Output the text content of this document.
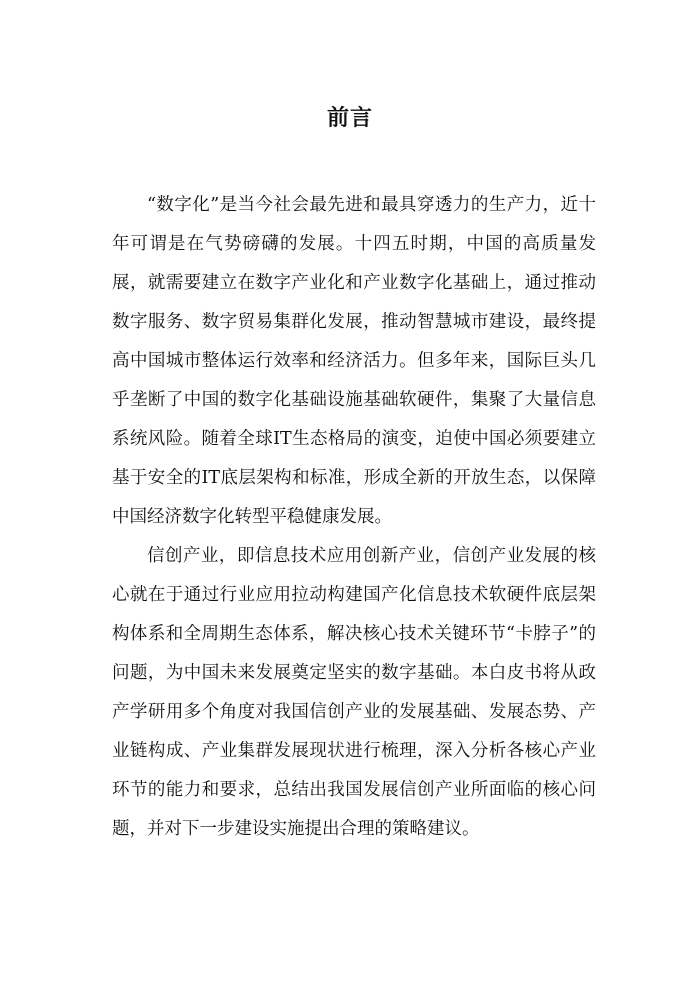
前言

“数字化”是当今社会最先进和最具穿透力的生产力，近十年可谓是在气势磅礴的发展。十四五时期，中国的高质量发展，就需要建立在数字产业化和产业数字化基础上，通过推动数字服务、数字贸易集群化发展，推动智慧城市建设，最终提高中国城市整体运行效率和经济活力。但多年来，国际巨头几乎垄断了中国的数字化基础设施基础软硬件，集聚了大量信息系统风险。随着全球IT生态格局的演变，迫使中国必须要建立基于安全的IT底层架构和标准，形成全新的开放生态，以保障中国经济数字化转型平稳健康发展。

信创产业，即信息技术应用创新产业，信创产业发展的核心就在于通过行业应用拉动构建国产化信息技术软硬件底层架构体系和全周期生态体系，解决核心技术关键环节“卡脖子”的问题，为中国未来发展奠定坚实的数字基础。本白皮书将从政产学研用多个角度对我国信创产业的发展基础、发展态势、产业链构成、产业集群发展现状进行梳理，深入分析各核心产业环节的能力和要求，总结出我国发展信创产业所面临的核心问题，并对下一步建设实施提出合理的策略建议。
